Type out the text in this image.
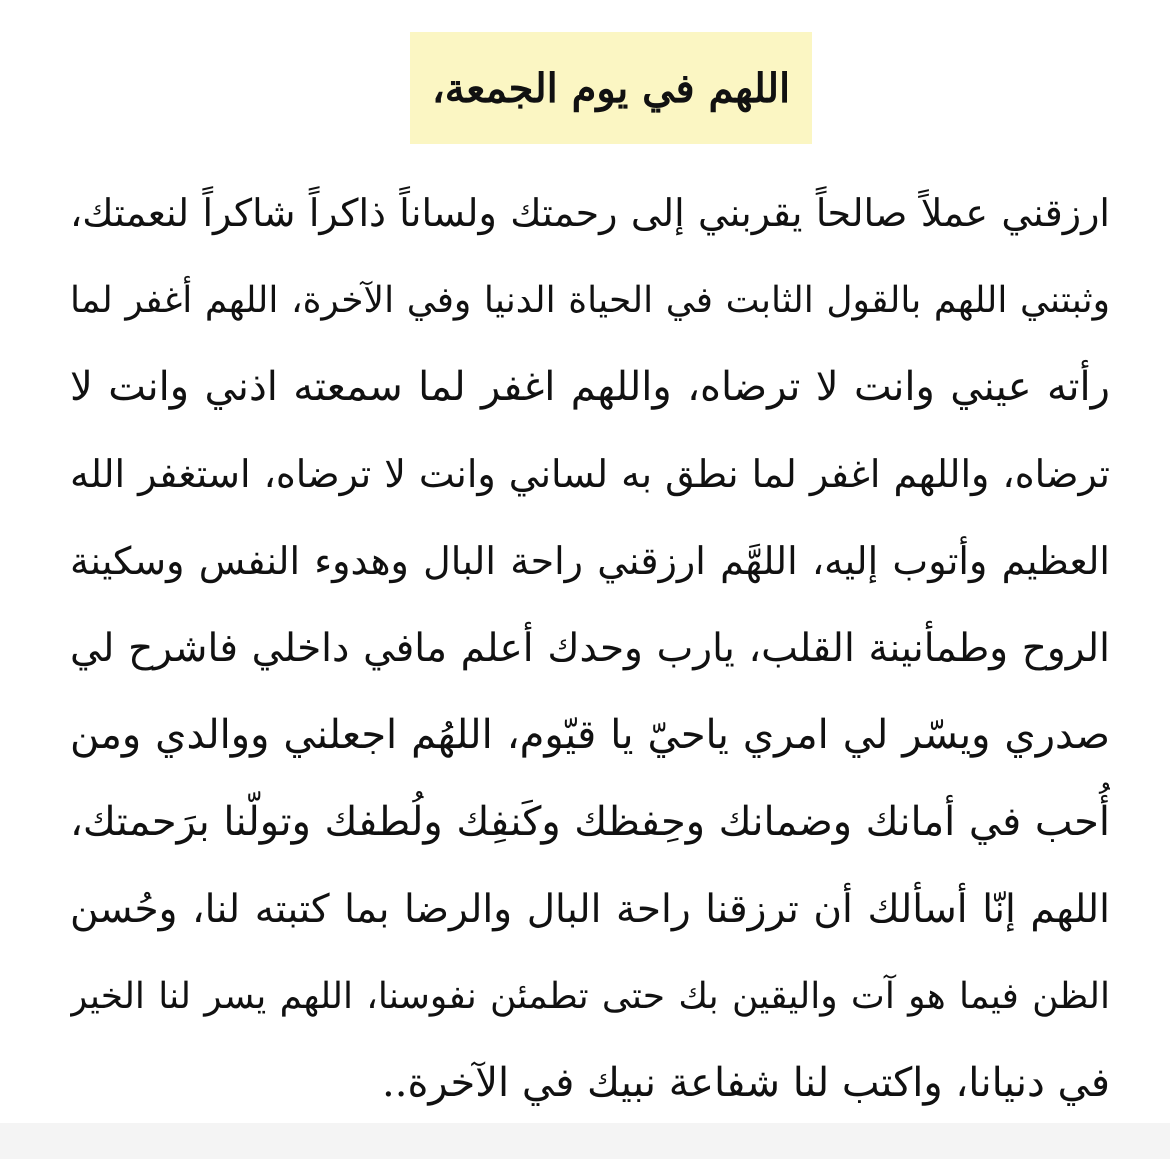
اللهم في يوم الجمعة،
ارزقني عملاً صالحاً يقربني إلى رحمتك ولساناً ذاكراً شاكراً لنعمتك،
وثبتني اللهم بالقول الثابت في الحياة الدنيا وفي الآخرة، اللهم أغفر لما
رأته عيني وانت لا ترضاه، واللهم اغفر لما سمعته اذني وانت لا
ترضاه، واللهم اغفر لما نطق به لساني وانت لا ترضاه، استغفر الله
العظيم وأتوب إليه، اللهَّم ارزقني راحة البال وهدوء النفس وسكينة
الروح وطمأنينة القلب، يارب وحدك أعلم مافي داخلي فاشرح لي
صدري ويسّر لي امري ياحيّ يا قيّوم، اللهُم اجعلني ووالدي ومن
أُحب في أمانك وضمانك وحِفظك وكَنفِك ولُطفك وتولّنا برَحمتك،
اللهم إنّا أسألك أن ترزقنا راحة البال والرضا بما كتبته لنا، وحُسن
الظن فيما هو آت واليقين بك حتى تطمئن نفوسنا، اللهم يسر لنا الخير
في دنيانا، واكتب لنا شفاعة نبيك في الآخرة..
